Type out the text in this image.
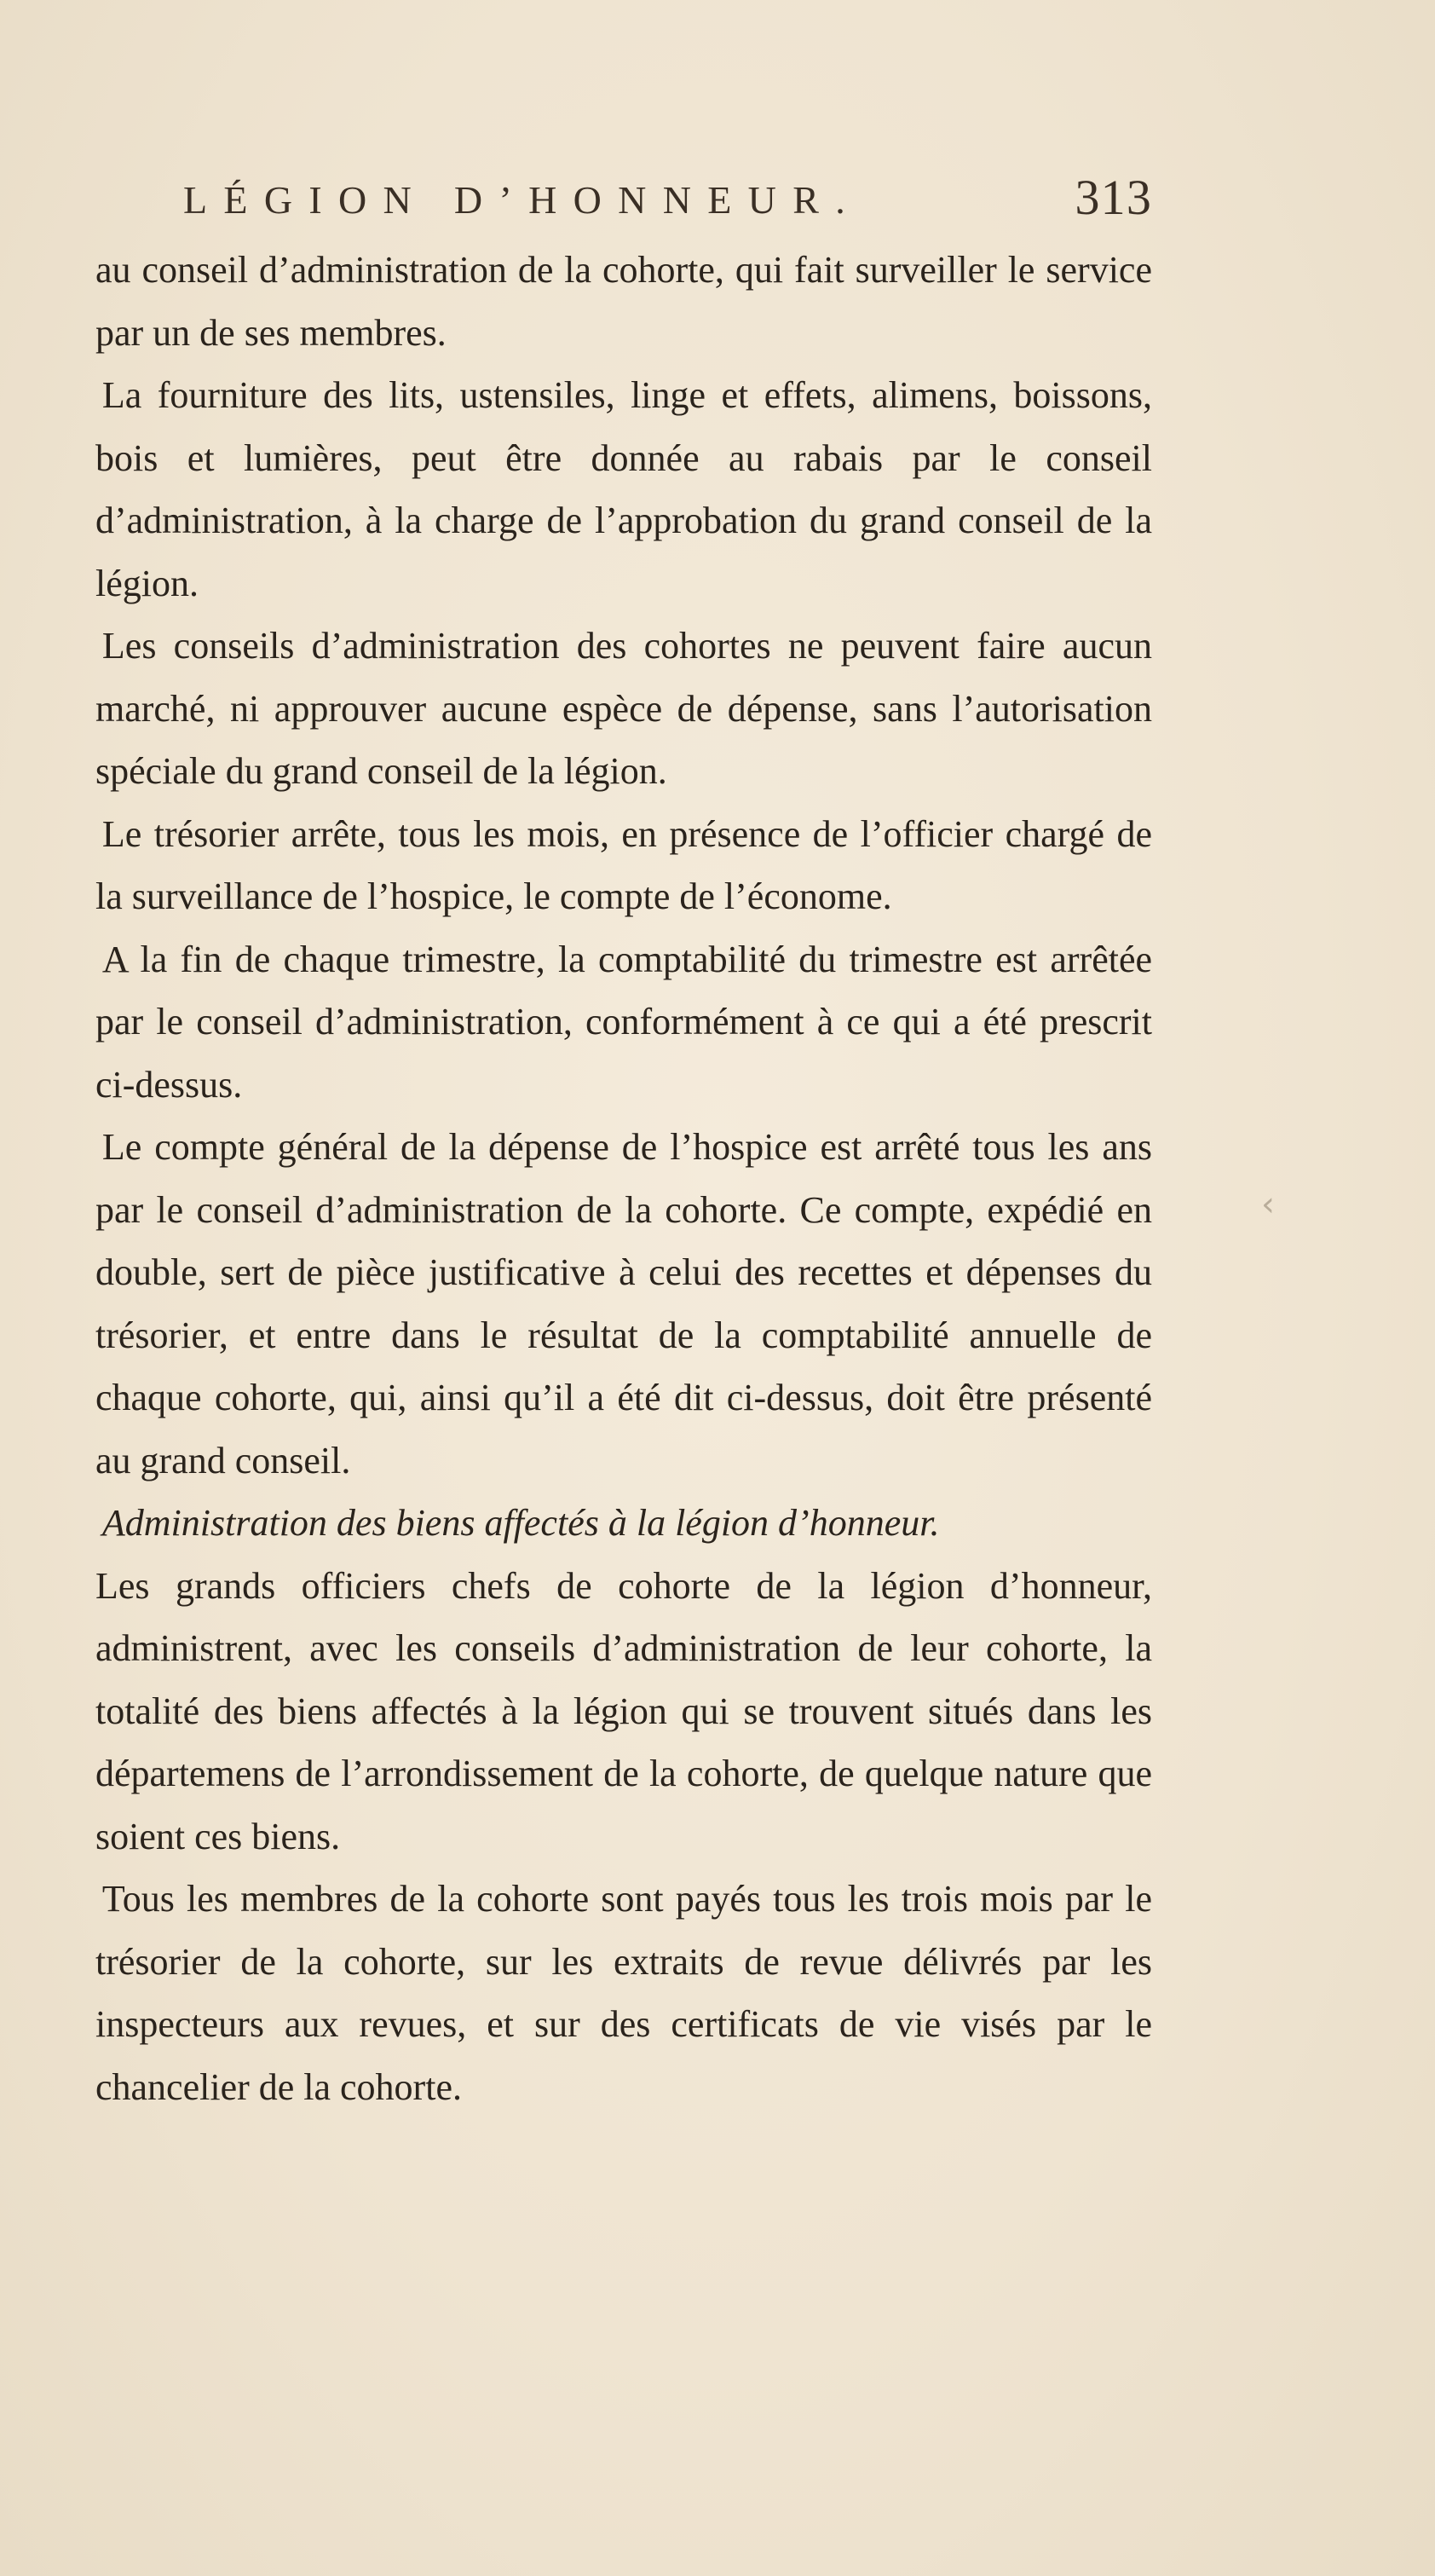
LÉGION D’HONNEUR.	313

au conseil d’administration de la cohorte, qui fait surveiller le service par un de ses membres.

La fourniture des lits, ustensiles, linge et effets, alimens, boissons, bois et lumières, peut être donnée au rabais par le conseil d’administration, à la charge de l’approbation du grand conseil de la légion.

Les conseils d’administration des cohortes ne peuvent faire aucun marché, ni approuver aucune espèce de dépense, sans l’autorisation spéciale du grand conseil de la légion.

Le trésorier arrête, tous les mois, en présence de l’officier chargé de la surveillance de l’hospice, le compte de l’économe.

A la fin de chaque trimestre, la comptabilité du trimestre est arrêtée par le conseil d’administration, conformément à ce qui a été prescrit ci-dessus.

Le compte général de la dépense de l’hospice est arrêté tous les ans par le conseil d’administration de la cohorte. Ce compte, expédié en double, sert de pièce justificative à celui des recettes et dépenses du trésorier, et entre dans le résultat de la comptabilité annuelle de chaque cohorte, qui, ainsi qu’il a été dit ci-dessus, doit être présenté au grand conseil.

Administration des biens affectés à la légion d’honneur.

Les grands officiers chefs de cohorte de la légion d’honneur, administrent, avec les conseils d’administration de leur cohorte, la totalité des biens affectés à la légion qui se trouvent situés dans les départemens de l’arrondissement de la cohorte, de quelque nature que soient ces biens.

Tous les membres de la cohorte sont payés tous les trois mois par le trésorier de la cohorte, sur les extraits de revue délivrés par les inspecteurs aux revues, et sur des certificats de vie visés par le chancelier de la cohorte.

‹
